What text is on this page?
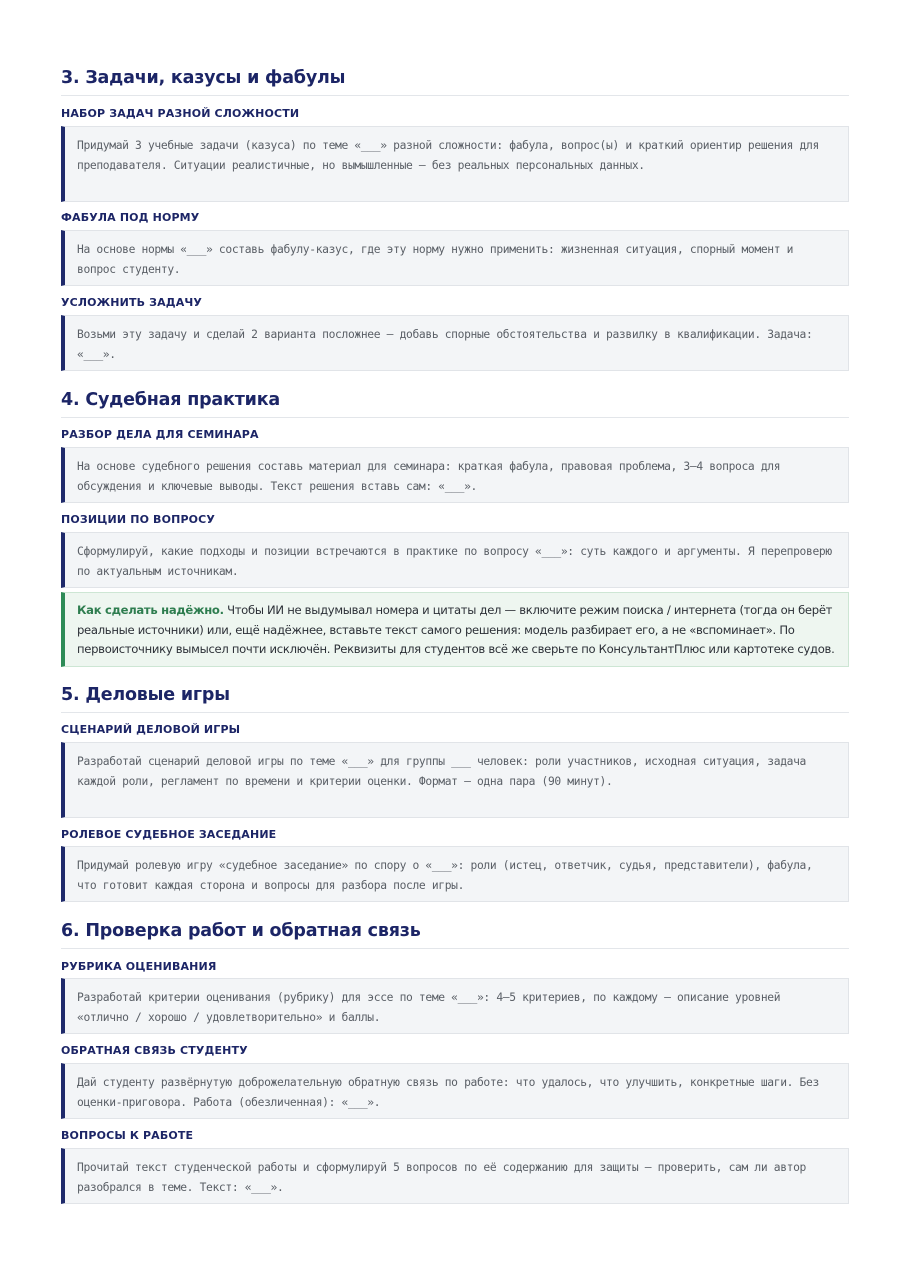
3. Задачи, казусы и фабулы
НАБОР ЗАДАЧ РАЗНОЙ СЛОЖНОСТИ
Придумай 3 учебные задачи (казуса) по теме «___» разной сложности: фабула, вопрос(ы) и краткий ориентир решения для преподавателя. Ситуации реалистичные, но вымышленные — без реальных персональных данных.
ФАБУЛА ПОД НОРМУ
На основе нормы «___» составь фабулу-казус, где эту норму нужно применить: жизненная ситуация, спорный момент и вопрос студенту.
УСЛОЖНИТЬ ЗАДАЧУ
Возьми эту задачу и сделай 2 варианта посложнее — добавь спорные обстоятельства и развилку в квалификации. Задача: «___».
4. Судебная практика
РАЗБОР ДЕЛА ДЛЯ СЕМИНАРА
На основе судебного решения составь материал для семинара: краткая фабула, правовая проблема, 3–4 вопроса для обсуждения и ключевые выводы. Текст решения вставь сам: «___».
ПОЗИЦИИ ПО ВОПРОСУ
Сформулируй, какие подходы и позиции встречаются в практике по вопросу «___»: суть каждого и аргументы. Я перепроверю по актуальным источникам.
Как сделать надёжно. Чтобы ИИ не выдумывал номера и цитаты дел — включите режим поиска / интернета (тогда он берёт реальные источники) или, ещё надёжнее, вставьте текст самого решения: модель разбирает его, а не «вспоминает». По первоисточнику вымысел почти исключён. Реквизиты для студентов всё же сверьте по КонсультантПлюс или картотеке судов.
5. Деловые игры
СЦЕНАРИЙ ДЕЛОВОЙ ИГРЫ
Разработай сценарий деловой игры по теме «___» для группы ___ человек: роли участников, исходная ситуация, задача каждой роли, регламент по времени и критерии оценки. Формат — одна пара (90 минут).
РОЛЕВОЕ СУДЕБНОЕ ЗАСЕДАНИЕ
Придумай ролевую игру «судебное заседание» по спору о «___»: роли (истец, ответчик, судья, представители), фабула, что готовит каждая сторона и вопросы для разбора после игры.
6. Проверка работ и обратная связь
РУБРИКА ОЦЕНИВАНИЯ
Разработай критерии оценивания (рубрику) для эссе по теме «___»: 4–5 критериев, по каждому — описание уровней «отлично / хорошо / удовлетворительно» и баллы.
ОБРАТНАЯ СВЯЗЬ СТУДЕНТУ
Дай студенту развёрнутую доброжелательную обратную связь по работе: что удалось, что улучшить, конкретные шаги. Без оценки-приговора. Работа (обезличенная): «___».
ВОПРОСЫ К РАБОТЕ
Прочитай текст студенческой работы и сформулируй 5 вопросов по её содержанию для защиты — проверить, сам ли автор разобрался в теме. Текст: «___».
